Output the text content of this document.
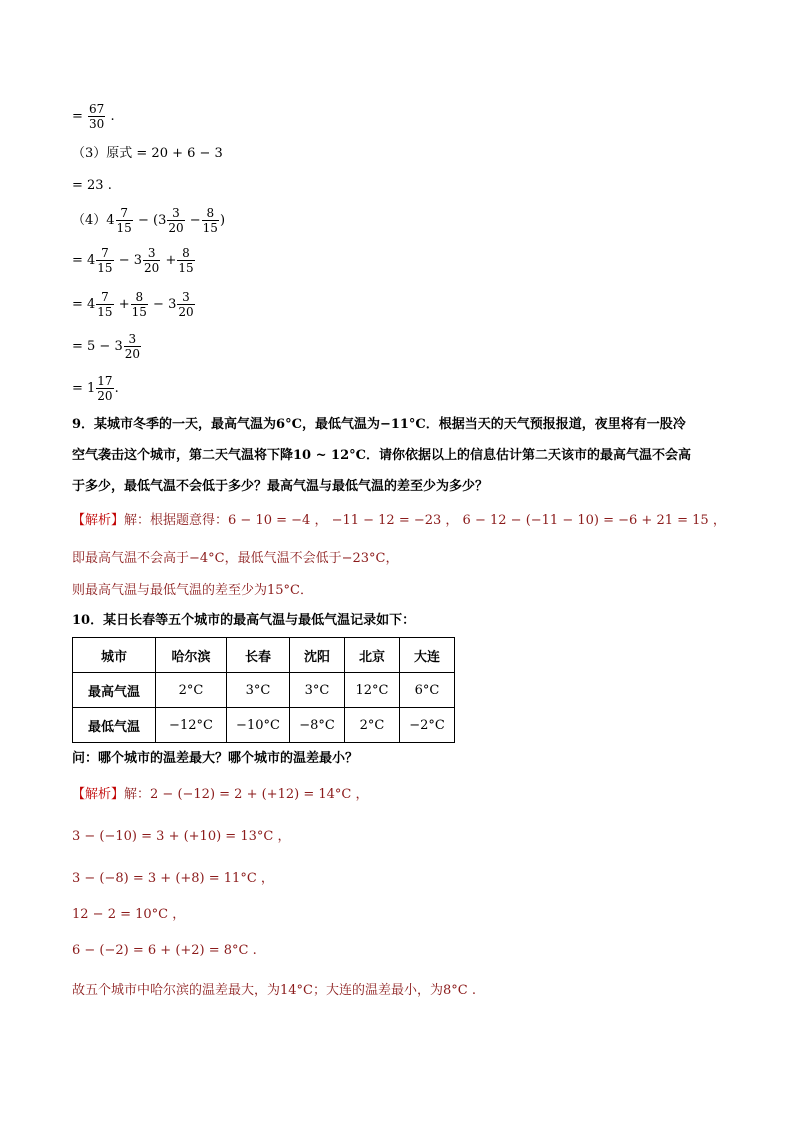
= $\frac{67}{30}$ .
（3）原式 = 20 + 6 − 3
= 23 .
$(4)4 \frac{7}{15} - (3 \frac{3}{20} - \frac{8}{15}$ )
= $4 \frac{7}{15} - 3 \frac{3}{20} + \frac{8}{15}$
= $4 \frac{7}{15} + \frac{8}{15} - 3 \frac{3}{20}$
= $5 - 3 \frac{3}{20}$
= $1 \frac{17}{20}$ .
9．某城市冬季的一天，最高气温为6°C，最低气温为−11°C．根据当天的天气预报报道，夜里将有一股冷
空气袭击这个城市，第二天气温将下降10 ~ 12°C．请你依据以上的信息估计第二天该市的最高气温不会高
于多少，最低气温不会低于多少？最高气温与最低气温的差至少为多少？
【解析】解：根据题意得：6 − 10 = −4 ， −11 − 12 = −23 ， 6 − 12 − (−11 − 10) = −6 + 21 = 15 ，
即最高气温不会高于−4°C，最低气温不会低于−23°C，
则最高气温与最低气温的差至少为15°C．
10．某日长春等五个城市的最高气温与最低气温记录如下：
城市	哈尔滨	长春	沈阳	北京	大连
最高气温	2°C	3°C	3°C	12°C	6°C
最低气温	−12°C	−10°C	−8°C	2°C	−2°C
问：哪个城市的温差最大？哪个城市的温差最小？
【解析】解：2 − (−12) = 2 + (+12) = 14°C ，
3 − (−10) = 3 + (+10) = 13°C ，
3 − (−8) = 3 + (+8) = 11°C ，
12 − 2 = 10°C ，
6 − (−2) = 6 + (+2) = 8°C .
故五个城市中哈尔滨的温差最大，为14°C；大连的温差最小，为8°C .
